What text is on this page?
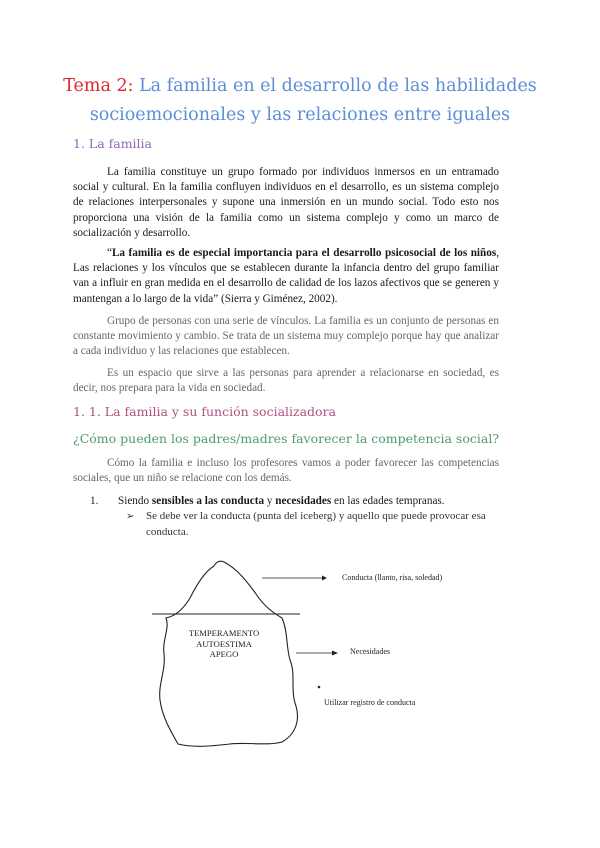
Tema 2: La familia en el desarrollo de las habilidades socioemocionales y las relaciones entre iguales
1. La familia
La familia constituye un grupo formado por individuos inmersos en un entramado social y cultural. En la familia confluyen individuos en el desarrollo, es un sistema complejo de relaciones interpersonales y supone una inmersión en un mundo social. Todo esto nos proporciona una visión de la familia como un sistema complejo y como un marco de socialización y desarrollo.
“La familia es de especial importancia para el desarrollo psicosocial de los niños, Las relaciones y los vínculos que se establecen durante la infancia dentro del grupo familiar van a influir en gran medida en el desarrollo de calidad de los lazos afectivos que se generen y mantengan a lo largo de la vida” (Sierra y Giménez, 2002).
Grupo de personas con una serie de vínculos. La familia es un conjunto de personas en constante movimiento y cambio. Se trata de un sistema muy complejo porque hay que analizar a cada individuo y las relaciones que establecen.
Es un espacio que sirve a las personas para aprender a relacionarse en sociedad, es decir, nos prepara para la vida en sociedad.
1. 1. La familia y su función socializadora
¿Cómo pueden los padres/madres favorecer la competencia social?
Cómo la familia e incluso los profesores vamos a poder favorecer las competencias sociales, que un niño se relacione con los demás.
1. Siendo sensibles a las conducta y necesidades en las edades tempranas.
➢	Se debe ver la conducta (punta del iceberg) y aquello que puede provocar esa conducta.
TEMPERAMENTO
AUTOESTIMA
APEGO
Conducta (llanto, risa, soledad)
Necesidades
Utilizar registro de conducta
